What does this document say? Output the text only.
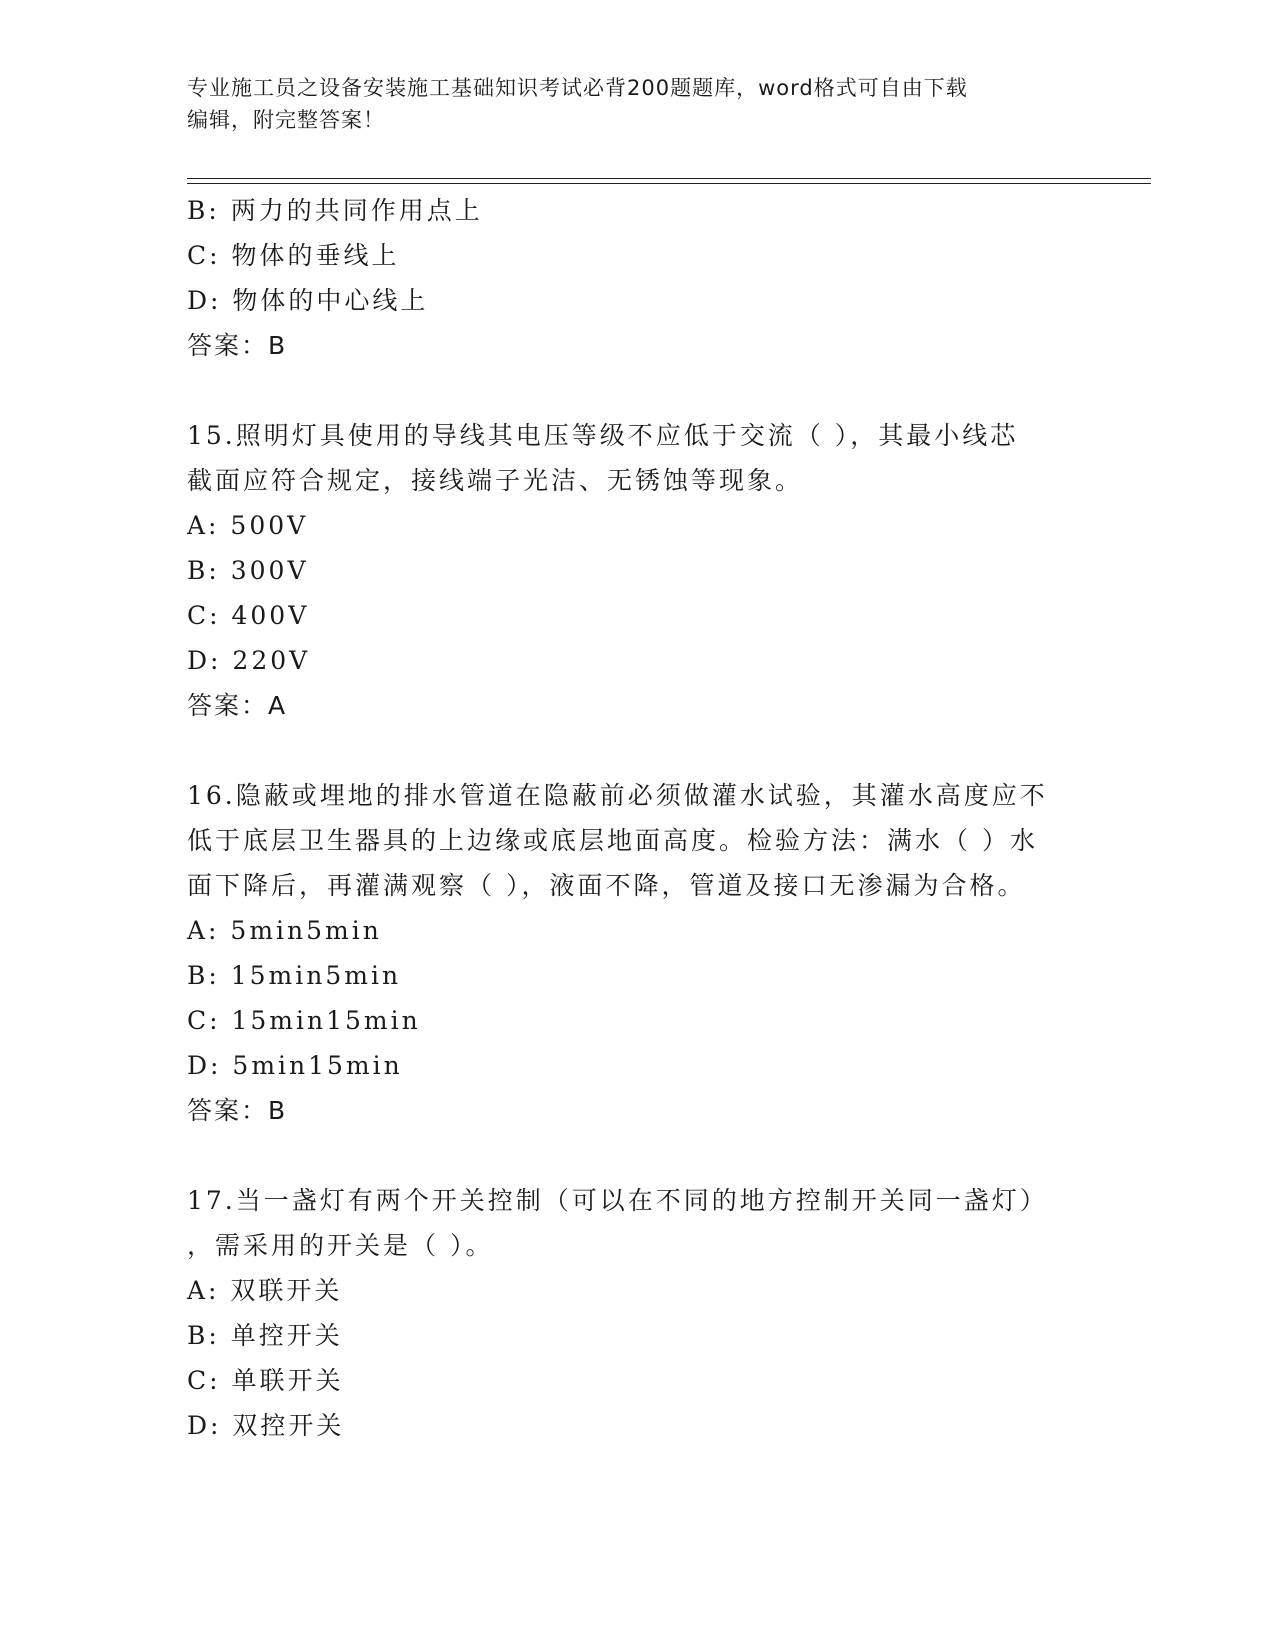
专业施工员之设备安装施工基础知识考试必背200题题库，word格式可自由下载
编辑，附完整答案！
B: 两力的共同作用点上
C: 物体的垂线上
D: 物体的中心线上
答案：B
15.照明灯具使用的导线其电压等级不应低于交流（ ），其最小线芯
截面应符合规定，接线端子光洁、无锈蚀等现象。
A: 500V
B: 300V
C: 400V
D: 220V
答案：A
16.隐蔽或埋地的排水管道在隐蔽前必须做灌水试验，其灌水高度应不
低于底层卫生器具的上边缘或底层地面高度。检验方法：满水（ ）水
面下降后，再灌满观察（ ），液面不降，管道及接口无渗漏为合格。
A: 5min5min
B: 15min5min
C: 15min15min
D: 5min15min
答案：B
17.当一盏灯有两个开关控制（可以在不同的地方控制开关同一盏灯）
，需采用的开关是（ ）。
A: 双联开关
B: 单控开关
C: 单联开关
D: 双控开关
